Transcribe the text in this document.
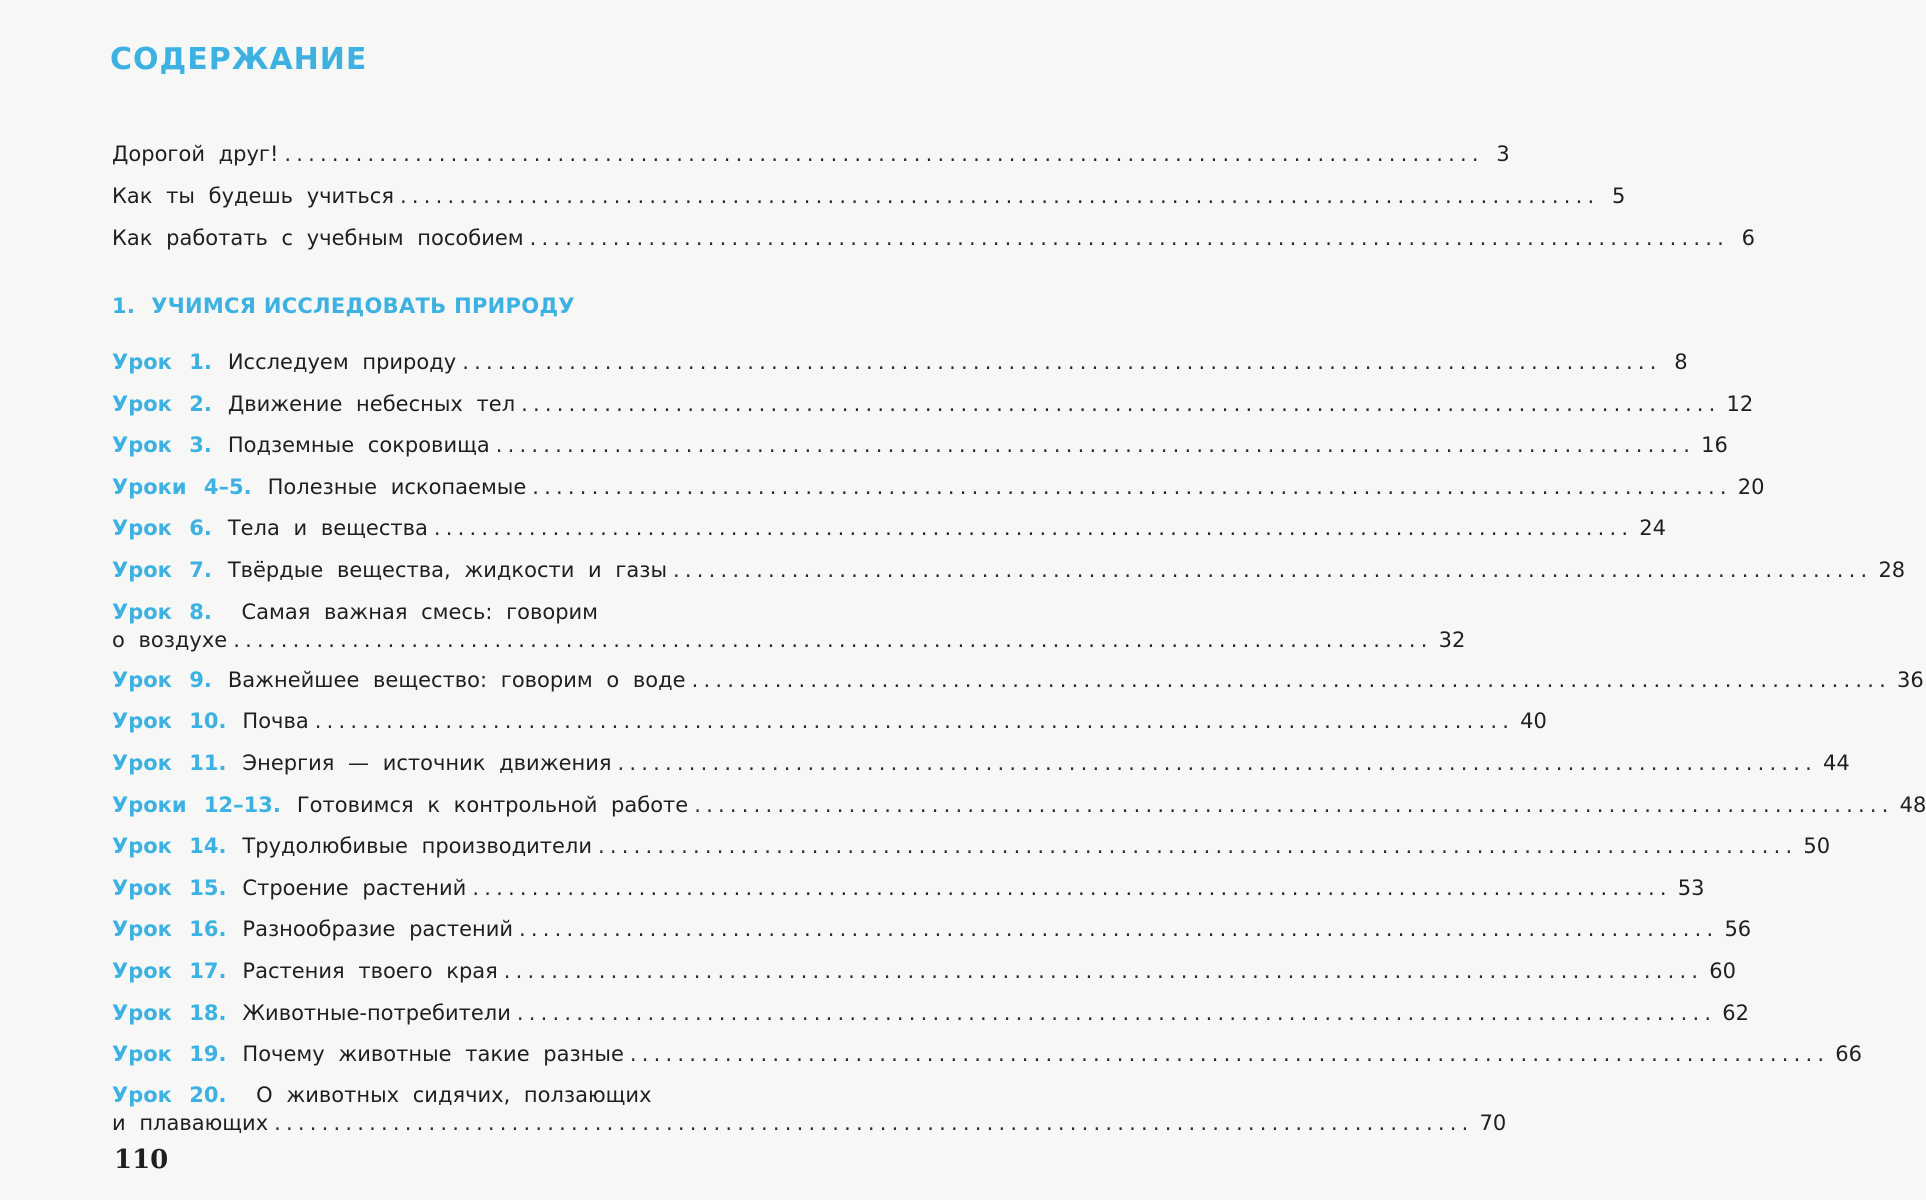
СОДЕРЖАНИЕ
Дорогой друг! ..................................................................................................... 3
Как ты будешь учиться ..................................................................................................... 5
Как работать с учебным пособием ..................................................................................................... 6
1. УЧИМСЯ ИССЛЕДОВАТЬ ПРИРОДУ
Урок 1. Исследуем природу ..................................................................................................... 8
Урок 2. Движение небесных тел ..................................................................................................... 12
Урок 3. Подземные сокровища ..................................................................................................... 16
Уроки 4–5. Полезные ископаемые ..................................................................................................... 20
Урок 6. Тела и вещества ..................................................................................................... 24
Урок 7. Твёрдые вещества, жидкости и газы ..................................................................................................... 28
Урок 8. Самая важная смесь: говорим
о воздухе ..................................................................................................... 32
Урок 9. Важнейшее вещество: говорим о воде ..................................................................................................... 36
Урок 10. Почва ..................................................................................................... 40
Урок 11. Энергия — источник движения ..................................................................................................... 44
Уроки 12–13. Готовимся к контрольной работе ..................................................................................................... 48
Урок 14. Трудолюбивые производители ..................................................................................................... 50
Урок 15. Строение растений ..................................................................................................... 53
Урок 16. Разнообразие растений ..................................................................................................... 56
Урок 17. Растения твоего края ..................................................................................................... 60
Урок 18. Животные-потребители ..................................................................................................... 62
Урок 19. Почему животные такие разные ..................................................................................................... 66
Урок 20. О животных сидячих, ползающих
и плавающих ..................................................................................................... 70
110
